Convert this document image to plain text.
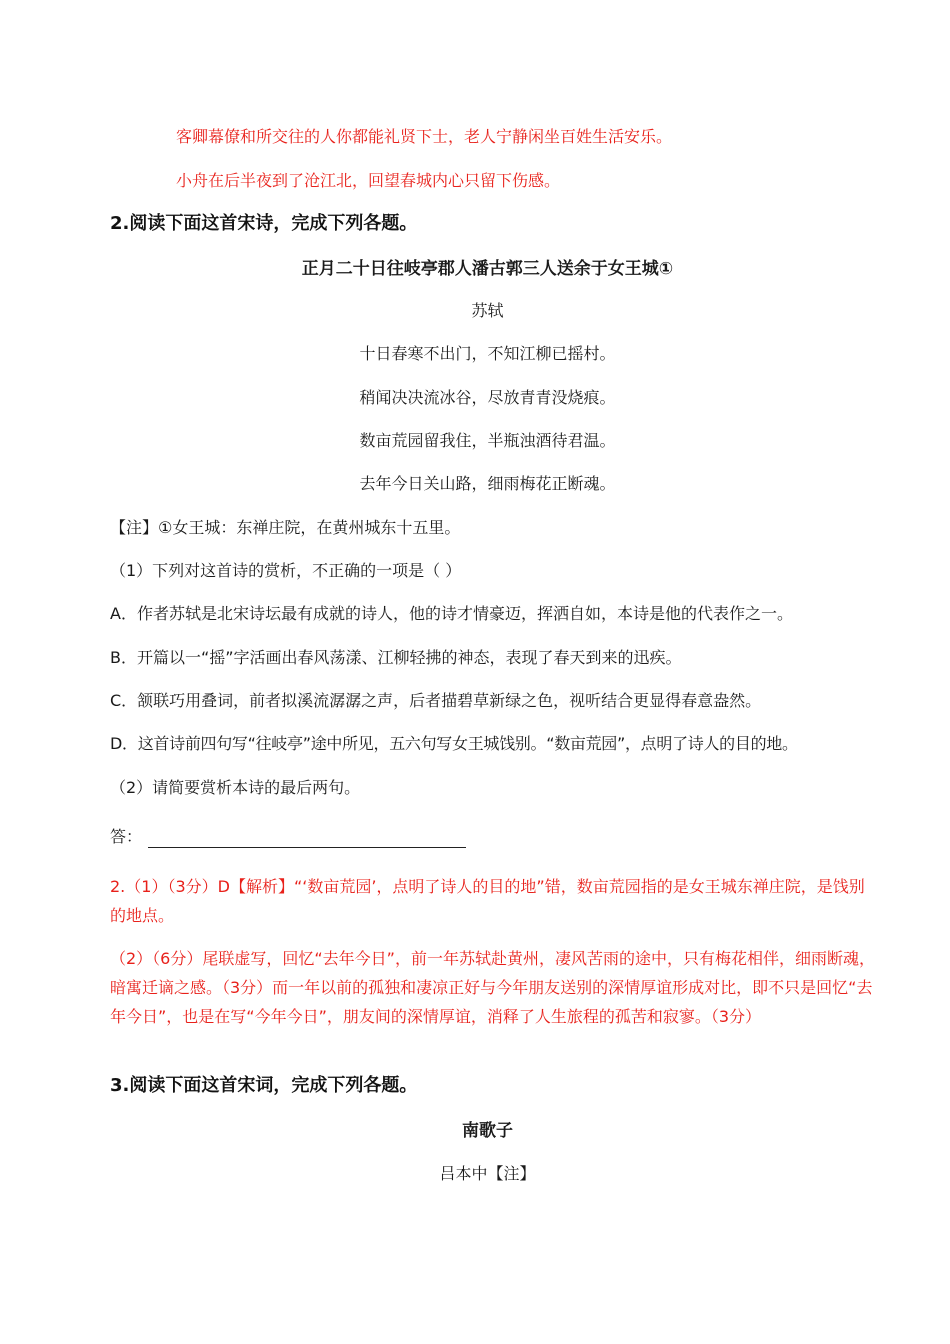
客卿幕僚和所交往的人你都能礼贤下士，老人宁静闲坐百姓生活安乐。
小舟在后半夜到了沧江北，回望春城内心只留下伤感。
2.阅读下面这首宋诗，完成下列各题。
正月二十日往岐亭郡人潘古郭三人送余于女王城①
苏轼
十日春寒不出门，不知江柳已摇村。
稍闻决决流冰谷，尽放青青没烧痕。
数亩荒园留我住，半瓶浊酒待君温。
去年今日关山路，细雨梅花正断魂。
【注】①女王城：东禅庄院，在黄州城东十五里。
（1）下列对这首诗的赏析，不正确的一项是（ ）
A．作者苏轼是北宋诗坛最有成就的诗人，他的诗才情豪迈，挥洒自如，本诗是他的代表作之一。
B．开篇以一“摇”字活画出春风荡漾、江柳轻拂的神态，表现了春天到来的迅疾。
C．颔联巧用叠词，前者拟溪流潺潺之声，后者描碧草新绿之色，视听结合更显得春意盎然。
D．这首诗前四句写“往岐亭”途中所见，五六句写女王城饯别。“数亩荒园”，点明了诗人的目的地。
（2）请简要赏析本诗的最后两句。
答：
2.（1）（3分）D【解析】“‘数亩荒园’，点明了诗人的目的地”错，数亩荒园指的是女王城东禅庄院，是饯别的地点。
（2）（6分）尾联虚写，回忆“去年今日”，前一年苏轼赴黄州，凄风苦雨的途中，只有梅花相伴，细雨断魂，暗寓迁谪之感。（3分）而一年以前的孤独和凄凉正好与今年朋友送别的深情厚谊形成对比，即不只是回忆“去年今日”，也是在写“今年今日”，朋友间的深情厚谊，消释了人生旅程的孤苦和寂寥。（3分）
3.阅读下面这首宋词，完成下列各题。
南歌子
吕本中【注】
